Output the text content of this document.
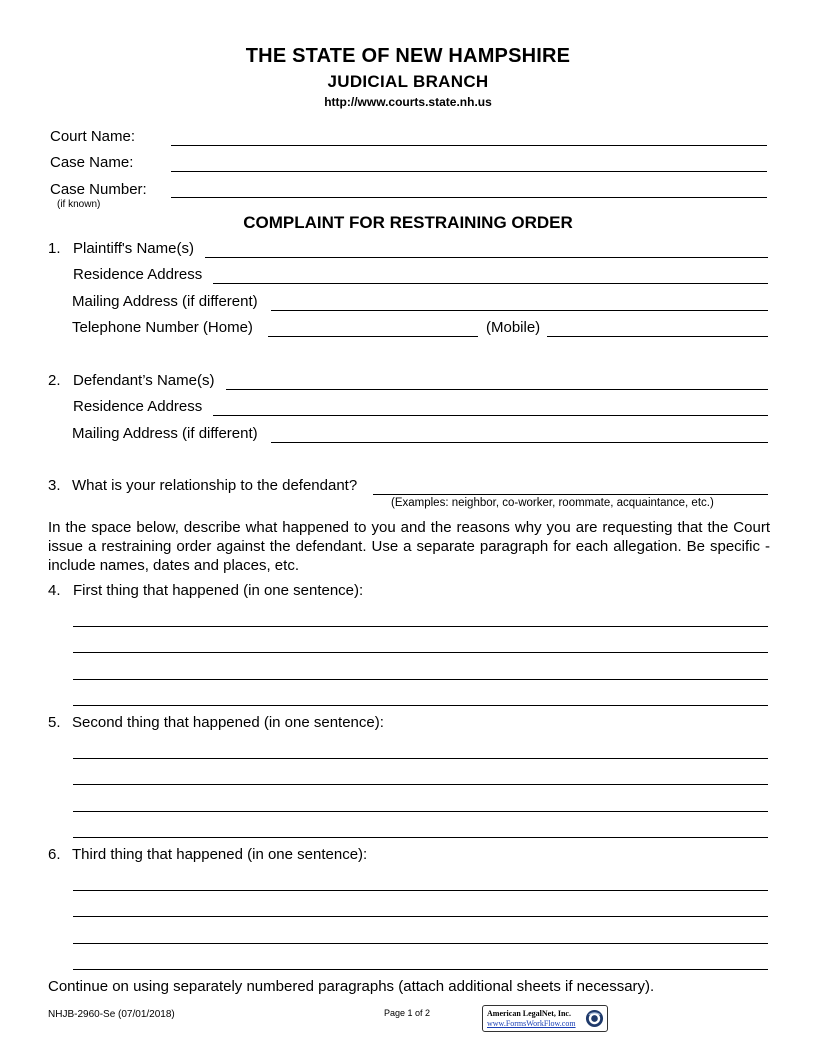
THE STATE OF NEW HAMPSHIRE
JUDICIAL BRANCH
http://www.courts.state.nh.us
Court Name:
Case Name:
Case Number:
(if known)
COMPLAINT FOR RESTRAINING ORDER
1. Plaintiff's Name(s)
Residence Address
Mailing Address (if different)
Telephone Number (Home)	(Mobile)
2. Defendant’s Name(s)
Residence Address
Mailing Address (if different)
3. What is your relationship to the defendant?
(Examples: neighbor, co-worker, roommate, acquaintance, etc.)
In the space below, describe what happened to you and the reasons why you are requesting that the Court issue a restraining order against the defendant. Use a separate paragraph for each allegation. Be specific - include names, dates and places, etc.
4. First thing that happened (in one sentence):
5. Second thing that happened (in one sentence):
6. Third thing that happened (in one sentence):
Continue on using separately numbered paragraphs (attach additional sheets if necessary).
NHJB-2960-Se (07/01/2018)	Page 1 of 2	American LegalNet, Inc.
www.FormsWorkFlow.com
